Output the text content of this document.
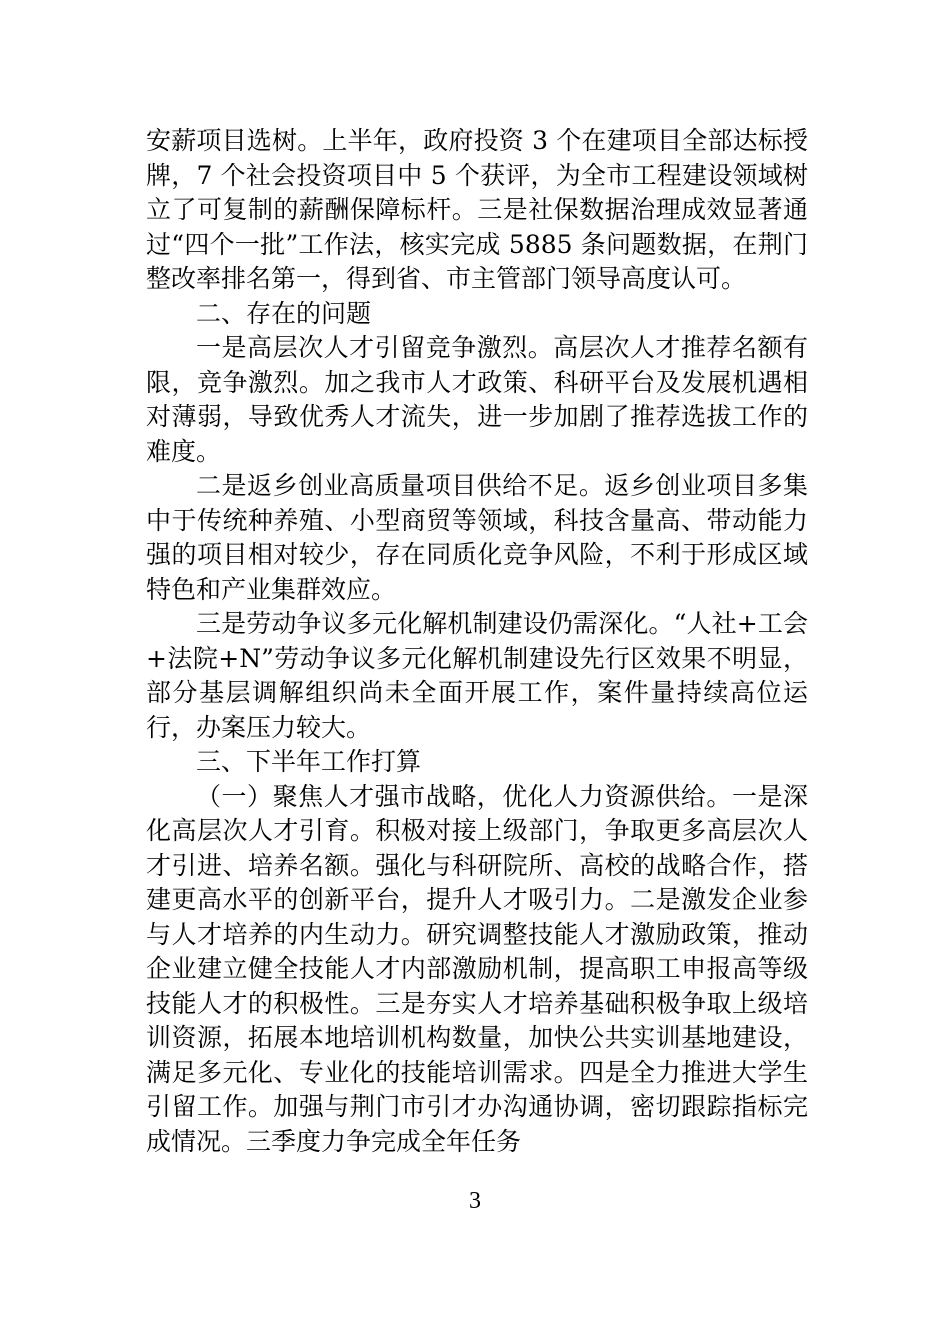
安薪项目选树。上半年，政府投资 3 个在建项目全部达标授牌，7 个社会投资项目中 5 个获评，为全市工程建设领域树立了可复制的薪酬保障标杆。三是社保数据治理成效显著通过“四个一批”工作法，核实完成 5885 条问题数据，在荆门整改率排名第一，得到省、市主管部门领导高度认可。

二、存在的问题

一是高层次人才引留竞争激烈。高层次人才推荐名额有限，竞争激烈。加之我市人才政策、科研平台及发展机遇相对薄弱，导致优秀人才流失，进一步加剧了推荐选拔工作的难度。

二是返乡创业高质量项目供给不足。返乡创业项目多集中于传统种养殖、小型商贸等领域，科技含量高、带动能力强的项目相对较少，存在同质化竞争风险，不利于形成区域特色和产业集群效应。

三是劳动争议多元化解机制建设仍需深化。“人社+工会+法院+N”劳动争议多元化解机制建设先行区效果不明显，部分基层调解组织尚未全面开展工作，案件量持续高位运行，办案压力较大。

三、下半年工作打算

（一）聚焦人才强市战略，优化人力资源供给。一是深化高层次人才引育。积极对接上级部门，争取更多高层次人才引进、培养名额。强化与科研院所、高校的战略合作，搭建更高水平的创新平台，提升人才吸引力。二是激发企业参与人才培养的内生动力。研究调整技能人才激励政策，推动企业建立健全技能人才内部激励机制，提高职工申报高等级技能人才的积极性。三是夯实人才培养基础积极争取上级培训资源，拓展本地培训机构数量，加快公共实训基地建设，满足多元化、专业化的技能培训需求。四是全力推进大学生引留工作。加强与荆门市引才办沟通协调，密切跟踪指标完成情况。三季度力争完成全年任务

3
